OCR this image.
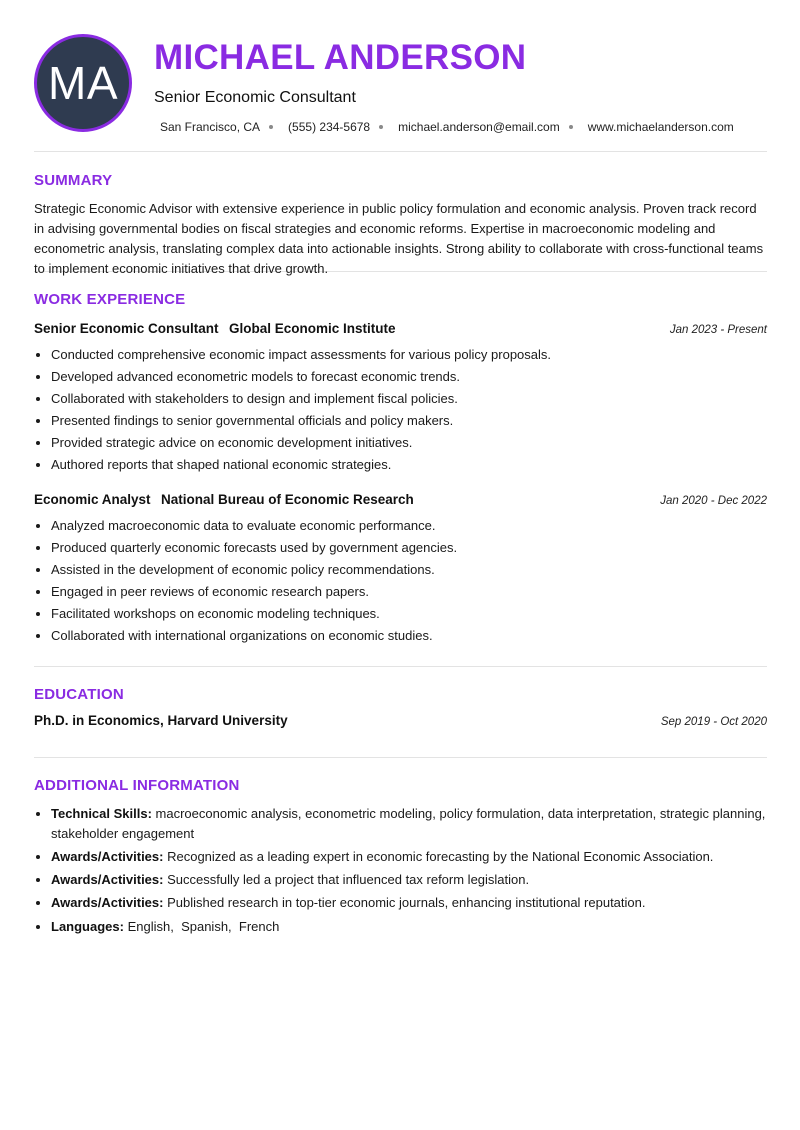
MA MICHAEL ANDERSON
Senior Economic Consultant
San Francisco, CA (555) 234-5678 michael.anderson@email.com www.michaelanderson.com
SUMMARY

Strategic Economic Advisor with extensive experience in public policy formulation and economic analysis. Proven track record in advising governmental bodies on fiscal strategies and economic reforms. Expertise in macroeconomic modeling and econometric analysis, translating complex data into actionable insights. Strong ability to collaborate with cross-functional teams to implement economic initiatives that drive growth.

WORK EXPERIENCE
Senior Economic Consultant Global Economic Institute	Jan 2023 - Present
• Conducted comprehensive economic impact assessments for various policy proposals.
• Developed advanced econometric models to forecast economic trends.
• Collaborated with stakeholders to design and implement fiscal policies.
• Presented findings to senior governmental officials and policy makers.
• Provided strategic advice on economic development initiatives.
• Authored reports that shaped national economic strategies.
Economic Analyst National Bureau of Economic Research	Jan 2020 - Dec 2022
• Analyzed macroeconomic data to evaluate economic performance.
• Produced quarterly economic forecasts used by government agencies.
• Assisted in the development of economic policy recommendations.
• Engaged in peer reviews of economic research papers.
• Facilitated workshops on economic modeling techniques.
• Collaborated with international organizations on economic studies.
EDUCATION
Ph.D. in Economics, Harvard University	Sep 2019 - Oct 2020
ADDITIONAL INFORMATION
• Technical Skills: macroeconomic analysis, econometric modeling, policy formulation, data interpretation, strategic planning, stakeholder engagement
• Awards/Activities: Recognized as a leading expert in economic forecasting by the National Economic Association.
• Awards/Activities: Successfully led a project that influenced tax reform legislation.
• Awards/Activities: Published research in top-tier economic journals, enhancing institutional reputation.
• Languages: English,  Spanish,  French
